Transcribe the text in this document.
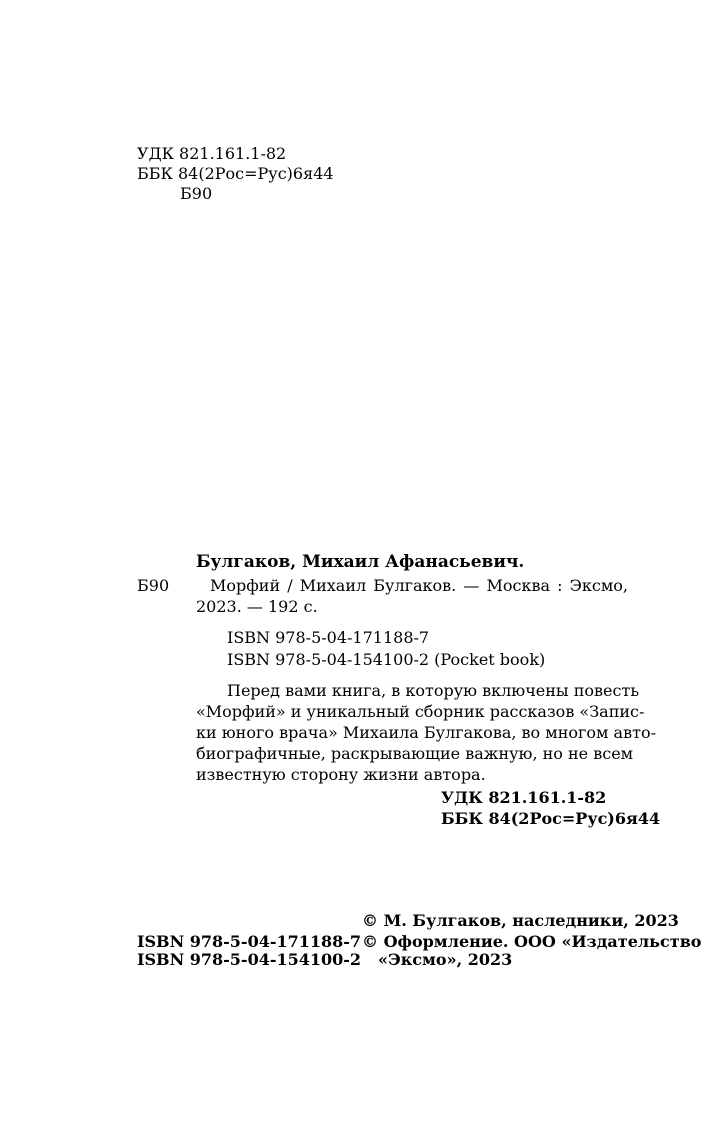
УДК 821.161.1-82
ББК 84(2Рос=Рус)6я44
Б90
Булгаков, Михаил Афанасьевич.
Б90	Морфий / Михаил Булгаков. — Москва : Эксмо,
2023. — 192 с.
ISBN 978-5-04-171188-7
ISBN 978-5-04-154100-2 (Pocket book)
Перед вами книга, в которую включены повесть
«Морфий» и уникальный сборник рассказов «Запис-
ки юного врача» Михаила Булгакова, во многом авто-
биографичные, раскрывающие важную, но не всем
известную сторону жизни автора.
УДК 821.161.1-82
ББК 84(2Рос=Рус)6я44
© М. Булгаков, наследники, 2023
ISBN 978-5-04-171188-7 © Оформление. ООО «Издательство
ISBN 978-5-04-154100-2 «Эксмо», 2023
